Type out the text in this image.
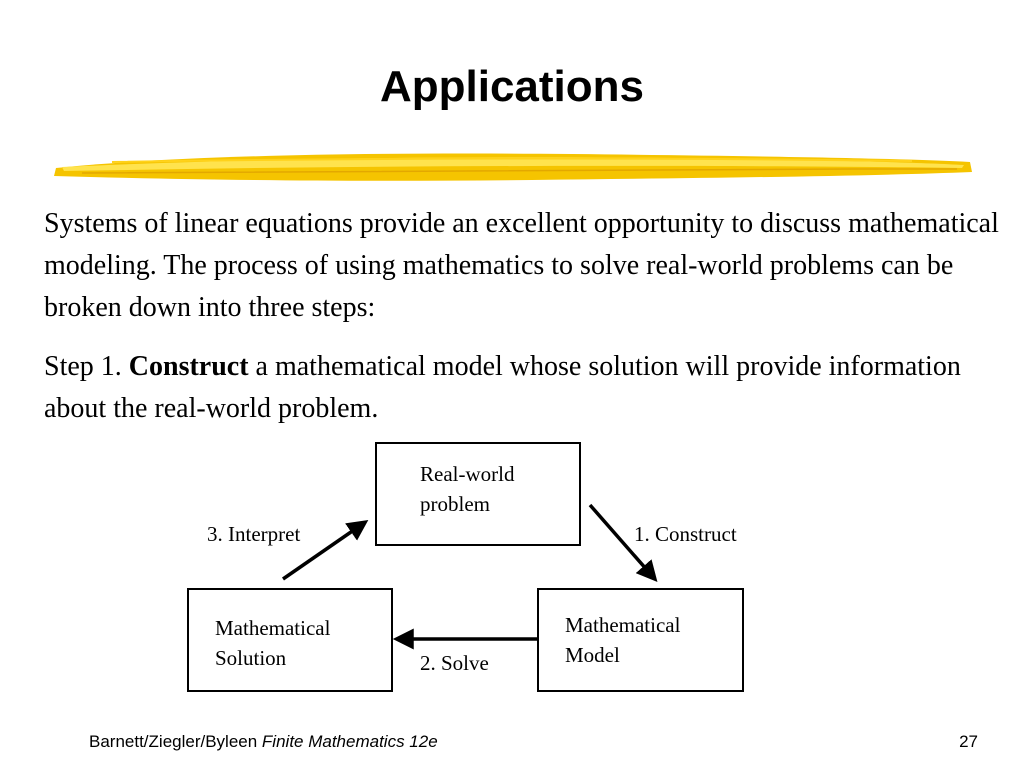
Applications

Systems of linear equations provide an excellent opportunity to discuss mathematical modeling. The process of using mathematics to solve real-world problems can be broken down into three steps:

Step 1. Construct a mathematical model whose solution will provide information about the real-world problem.

Real-world
problem
Mathematical
Model
Mathematical
Solution
1. Construct
2. Solve
3. Interpret
Barnett/Ziegler/Byleen Finite Mathematics 12e	27
